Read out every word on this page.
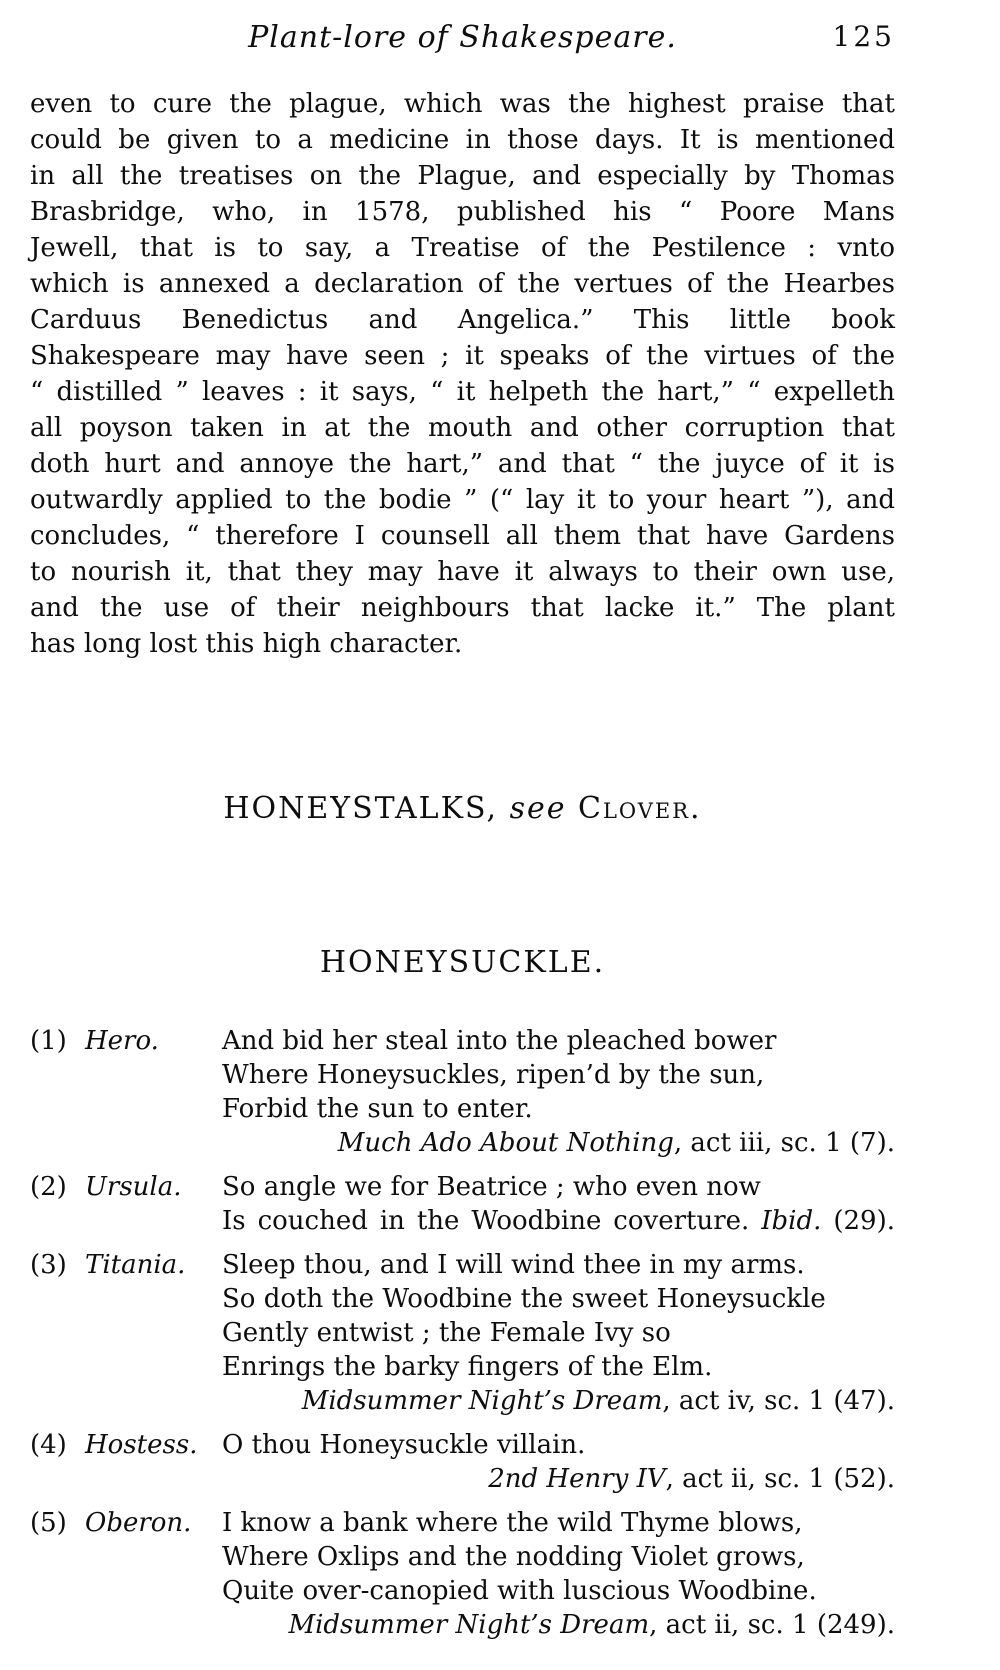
Plant-lore of Shakespeare.	125
even to cure the plague, which was the highest praise that
could be given to a medicine in those days. It is mentioned
in all the treatises on the Plague, and especially by Thomas
Brasbridge, who, in 1578, published his “ Poore Mans
Jewell, that is to say, a Treatise of the Pestilence : vnto
which is annexed a declaration of the vertues of the Hearbes
Carduus Benedictus and Angelica.” This little book
Shakespeare may have seen ; it speaks of the virtues of the
“ distilled ” leaves : it says, “ it helpeth the hart,” “ expelleth
all poyson taken in at the mouth and other corruption that
doth hurt and annoye the hart,” and that “ the juyce of it is
outwardly applied to the bodie ” (“ lay it to your heart ”), and
concludes, “ therefore I counsell all them that have Gardens
to nourish it, that they may have it always to their own use,
and the use of their neighbours that lacke it.” The plant
has long lost this high character.
HONEYSTALKS, see Clover.
HONEYSUCKLE.
(1) Hero.	And bid her steal into the pleached bower
Where Honeysuckles, ripen’d by the sun,
Forbid the sun to enter.
Much Ado About Nothing, act iii, sc. 1 (7).
(2) Ursula.	So angle we for Beatrice ; who even now
Is couched in the Woodbine coverture. Ibid. (29).
(3) Titania.	Sleep thou, and I will wind thee in my arms.
So doth the Woodbine the sweet Honeysuckle
Gently entwist ; the Female Ivy so
Enrings the barky fingers of the Elm.
Midsummer Night’s Dream, act iv, sc. 1 (47).
(4) Hostess. O thou Honeysuckle villain.
2nd Henry IV, act ii, sc. 1 (52).
(5) Oberon.	I know a bank where the wild Thyme blows,
Where Oxlips and the nodding Violet grows,
Quite over-canopied with luscious Woodbine.
Midsummer Night’s Dream, act ii, sc. 1 (249).
